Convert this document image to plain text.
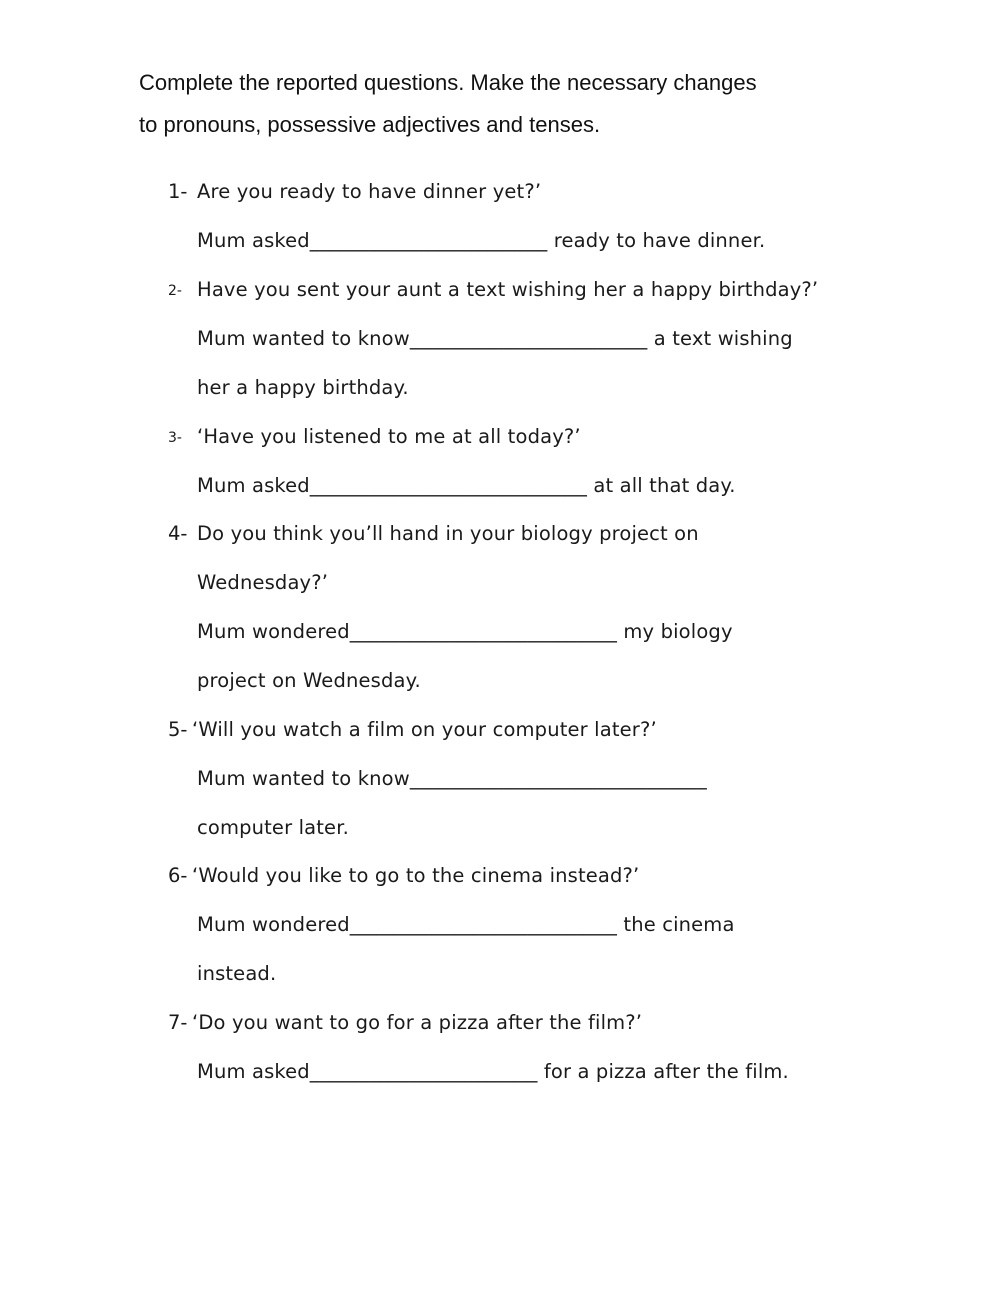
Complete the reported questions. Make the necessary changes
to pronouns, possessive adjectives and tenses.
1- Are you ready to have dinner yet?’
Mum asked________________________ ready to have dinner.
2- Have you sent your aunt a text wishing her a happy birthday?’
Mum wanted to know________________________ a text wishing
her a happy birthday.
3- ‘Have you listened to me at all today?’
Mum asked____________________________ at all that day.
4- Do you think you’ll hand in your biology project on
Wednesday?’
Mum wondered___________________________ my biology
project on Wednesday.
5- ‘Will you watch a film on your computer later?’
Mum wanted to know______________________________
computer later.
6- ‘Would you like to go to the cinema instead?’
Mum wondered___________________________ the cinema
instead.
7- ‘Do you want to go for a pizza after the film?’
Mum asked_______________________ for a pizza after the film.
